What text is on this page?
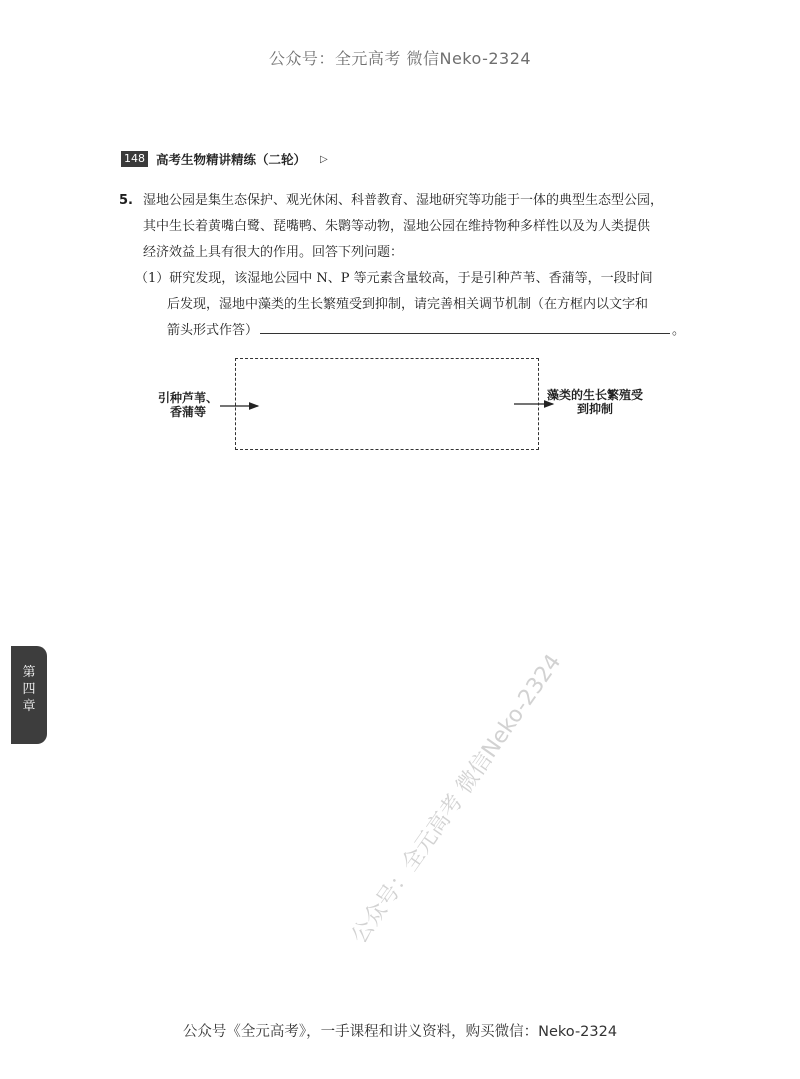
公众号：全元高考 微信Neko-2324
148 高考生物精讲精练（二轮） ▷

5. 湿地公园是集生态保护、观光休闲、科普教育、湿地研究等功能于一体的典型生态型公园，

其中生长着黄嘴白鹭、琵嘴鸭、朱鹮等动物，湿地公园在维持物种多样性以及为人类提供

经济效益上具有很大的作用。回答下列问题：

（1）研究发现，该湿地公园中 N、P 等元素含量较高，于是引种芦苇、香蒲等，一段时间

后发现，湿地中藻类的生长繁殖受到抑制，请完善相关调节机制（在方框内以文字和

箭头形式作答）	。

引种芦苇、香蒲等
藻类的生长繁殖受到抑制
第
四
章	公众号：全元高考 微信Neko-2324
公众号《全元高考》，一手课程和讲义资料，购买微信：Neko-2324
